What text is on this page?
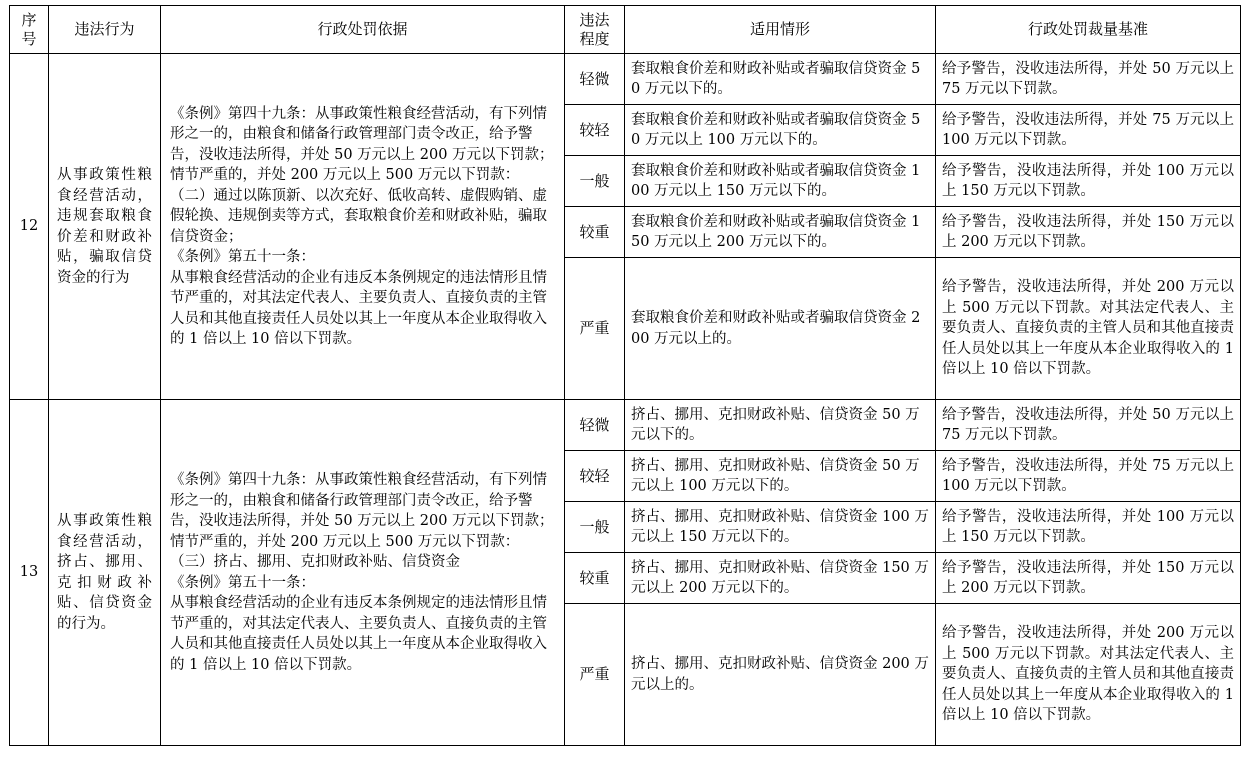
序号	违法行为	行政处罚依据	违法程度	适用情形	行政处罚裁量基准
12	从事政策性粮食经营活动，违规套取粮食价差和财政补贴，骗取信贷资金的行为	《条例》第四十九条：从事政策性粮食经营活动，有下列情形之一的，由粮食和储备行政管理部门责令改正，给予警告，没收违法所得，并处 50 万元以上 200 万元以下罚款；情节严重的，并处 200 万元以上 500 万元以下罚款：
（二）通过以陈顶新、以次充好、低收高转、虚假购销、虚假轮换、违规倒卖等方式，套取粮食价差和财政补贴，骗取信贷资金；
《条例》第五十一条：
从事粮食经营活动的企业有违反本条例规定的违法情形且情节严重的，对其法定代表人、主要负责人、直接负责的主管人员和其他直接责任人员处以其上一年度从本企业取得收入的 1 倍以上 10 倍以下罚款。	轻微	套取粮食价差和财政补贴或者骗取信贷资金 50 万元以下的。	给予警告，没收违法所得，并处 50 万元以上 75 万元以下罚款。
			较轻	套取粮食价差和财政补贴或者骗取信贷资金 50 万元以上 100 万元以下的。	给予警告，没收违法所得，并处 75 万元以上 100 万元以下罚款。
			一般	套取粮食价差和财政补贴或者骗取信贷资金 100 万元以上 150 万元以下的。	给予警告，没收违法所得，并处 100 万元以上 150 万元以下罚款。
			较重	套取粮食价差和财政补贴或者骗取信贷资金 150 万元以上 200 万元以下的。	给予警告，没收违法所得，并处 150 万元以上 200 万元以下罚款。
			严重	套取粮食价差和财政补贴或者骗取信贷资金 200 万元以上的。	给予警告，没收违法所得，并处 200 万元以上 500 万元以下罚款。对其法定代表人、主要负责人、直接负责的主管人员和其他直接责任人员处以其上一年度从本企业取得收入的 1 倍以上 10 倍以下罚款。
13	从事政策性粮食经营活动，挤占、挪用、克扣财政补贴、信贷资金的行为。	《条例》第四十九条：从事政策性粮食经营活动，有下列情形之一的，由粮食和储备行政管理部门责令改正，给予警告，没收违法所得，并处 50 万元以上 200 万元以下罚款；情节严重的，并处 200 万元以上 500 万元以下罚款：
（三）挤占、挪用、克扣财政补贴、信贷资金
《条例》第五十一条：
从事粮食经营活动的企业有违反本条例规定的违法情形且情节严重的，对其法定代表人、主要负责人、直接负责的主管人员和其他直接责任人员处以其上一年度从本企业取得收入的 1 倍以上 10 倍以下罚款。	轻微	挤占、挪用、克扣财政补贴、信贷资金 50 万元以下的。	给予警告，没收违法所得，并处 50 万元以上 75 万元以下罚款。
			较轻	挤占、挪用、克扣财政补贴、信贷资金 50 万元以上 100 万元以下的。	给予警告，没收违法所得，并处 75 万元以上 100 万元以下罚款。
			一般	挤占、挪用、克扣财政补贴、信贷资金 100 万元以上 150 万元以下的。	给予警告，没收违法所得，并处 100 万元以上 150 万元以下罚款。
			较重	挤占、挪用、克扣财政补贴、信贷资金 150 万元以上 200 万元以下的。	给予警告，没收违法所得，并处 150 万元以上 200 万元以下罚款。
			严重	挤占、挪用、克扣财政补贴、信贷资金 200 万元以上的。	给予警告，没收违法所得，并处 200 万元以上 500 万元以下罚款。对其法定代表人、主要负责人、直接负责的主管人员和其他直接责任人员处以其上一年度从本企业取得收入的 1 倍以上 10 倍以下罚款。
